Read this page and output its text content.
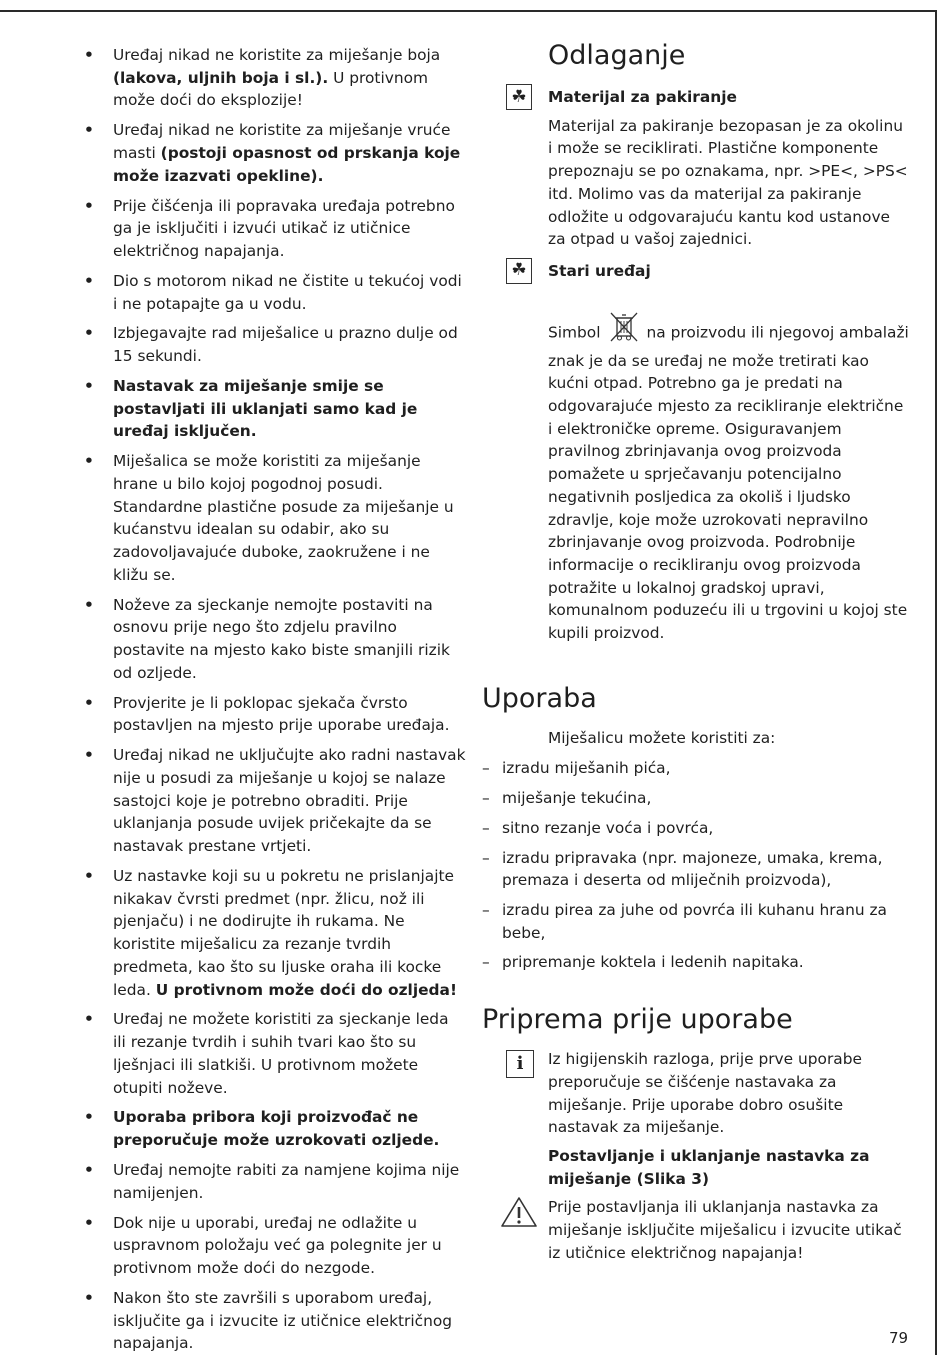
• Uređaj nikad ne koristite za miješanje boja (lakova, uljnih boja i sl.). U protivnom može doći do eksplozije!
• Uređaj nikad ne koristite za miješanje vruće masti (postoji opasnost od prskanja koje može izazvati opekline).
• Prije čišćenja ili popravaka uređaja potrebno ga je isključiti i izvući utikač iz utičnice električnog napajanja.
• Dio s motorom nikad ne čistite u tekućoj vodi i ne potapajte ga u vodu.
• Izbjegavajte rad miješalice u prazno dulje od 15 sekundi.
• Nastavak za miješanje smije se postavljati ili uklanjati samo kad je uređaj isključen.
• Miješalica se može koristiti za miješanje hrane u bilo kojoj pogodnoj posudi. Standardne plastične posude za miješanje u kućanstvu idealan su odabir, ako su zadovoljavajuće duboke, zaokružene i ne kližu se.
• Noževe za sjeckanje nemojte postaviti na osnovu prije nego što zdjelu pravilno postavite na mjesto kako biste smanjili rizik od ozljede.
• Provjerite je li poklopac sjekača čvrsto postavljen na mjesto prije uporabe uređaja.
• Uređaj nikad ne uključujte ako radni nastavak nije u posudi za miješanje u kojoj se nalaze sastojci koje je potrebno obraditi. Prije uklanjanja posude uvijek pričekajte da se nastavak prestane vrtjeti.
• Uz nastavke koji su u pokretu ne prislanjajte nikakav čvrsti predmet (npr. žlicu, nož ili pjenjaču) i ne dodirujte ih rukama. Ne koristite miješalicu za rezanje tvrdih predmeta, kao što su ljuske oraha ili kocke leda. U protivnom može doći do ozljeda!
• Uređaj ne možete koristiti za sjeckanje leda ili rezanje tvrdih i suhih tvari kao što su lješnjaci ili slatkiši. U protivnom možete otupiti noževe.
• Uporaba pribora koji proizvođač ne preporučuje može uzrokovati ozljede.
• Uređaj nemojte rabiti za namjene kojima nije namijenjen.
• Dok nije u uporabi, uređaj ne odlažite u uspravnom položaju već ga polegnite jer u protivnom može doći do nezgode.
• Nakon što ste završili s uporabom uređaj, isključite ga i izvucite iz utičnice električnog napajanja.
Odlaganje
☘	Materijal za pakiranje
Materijal za pakiranje bezopasan je za okolinu i može se reciklirati. Plastične komponente prepoznaju se po oznakama, npr. >PE<, >PS< itd. Molimo vas da materijal za pakiranje odložite u odgovarajuću kantu kod ustanove za otpad u vašoj zajednici.
☘	Stari uređaj
Simbol	na proizvodu ili njegovoj ambalaži znak je da se uređaj ne može tretirati kao kućni otpad. Potrebno ga je predati na odgovarajuće mjesto za recikliranje električne i elektroničke opreme. Osiguravanjem pravilnog zbrinjavanja ovog proizvoda pomažete u sprječavanju potencijalno negativnih posljedica za okoliš i ljudsko zdravlje, koje može uzrokovati nepravilno zbrinjavanje ovog proizvoda. Podrobnije informacije o recikliranju ovog proizvoda potražite u lokalnoj gradskoj upravi, komunalnom poduzeću ili u trgovini u kojoj ste kupili proizvod.
Uporaba
Miješalicu možete koristiti za:
– izradu miješanih pića,
– miješanje tekućina,
– sitno rezanje voća i povrća,
– izradu pripravaka (npr. majoneze, umaka, krema, premaza i deserta od mliječnih proizvoda),
– izradu pirea za juhe od povrća ili kuhanu hranu za bebe,
– pripremanje koktela i ledenih napitaka.
Priprema prije uporabe
i	Iz higijenskih razloga, prije prve uporabe preporučuje se čišćenje nastavaka za miješanje. Prije uporabe dobro osušite nastavak za miješanje.
Postavljanje i uklanjanje nastavka za miješanje (Slika 3)
Prije postavljanja ili uklanjanja nastavka za miješanje isključite miješalicu i izvucite utikač iz utičnice električnog napajanja!
79
